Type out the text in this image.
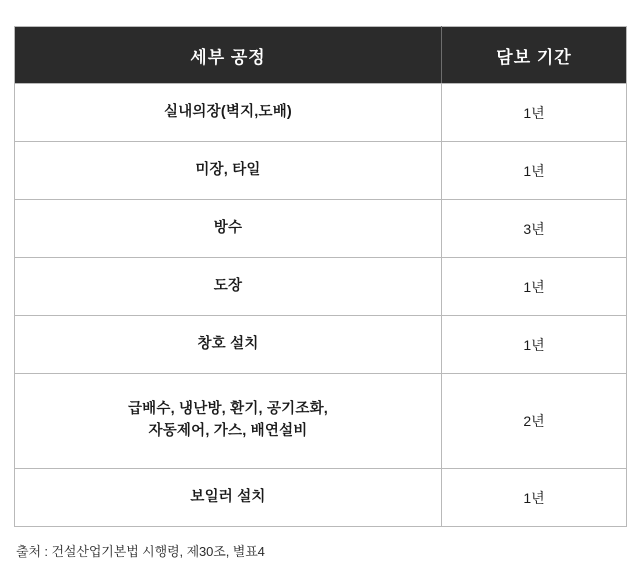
세부 공정	담보 기간
실내의장(벽지,도배)	1년
미장, 타일	1년
방수	3년
도장	1년
창호 설치	1년

급배수, 냉난방, 환기, 공기조화,
자동제어, 가스, 배연설비	2년
보일러 설치	1년
출처 : 건설산업기본법 시행령, 제30조, 별표4
